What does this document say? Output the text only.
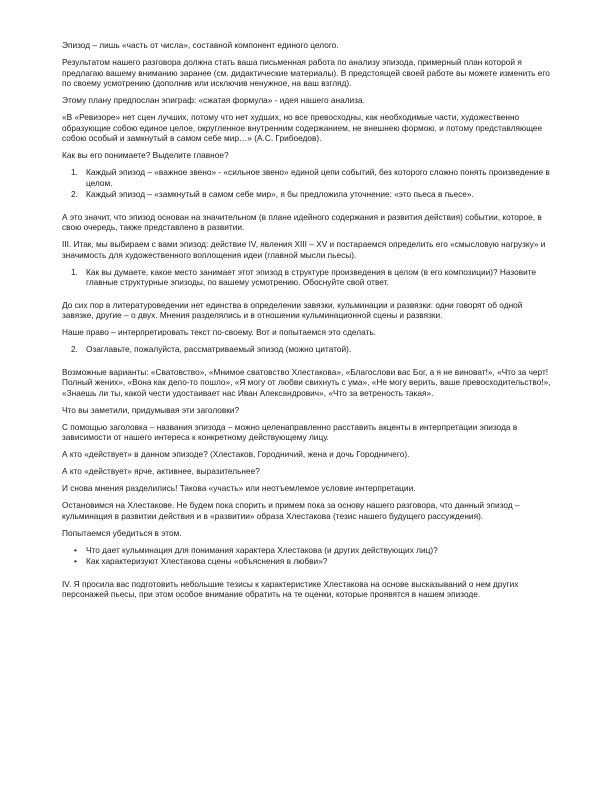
Эпизод – лишь «часть от числа», составной компонент единого целого.

Результатом нашего разговора должна стать ваша письменная работа по анализу эпизода, примерный план которой я предлагаю вашему вниманию заранее (см. дидактические материалы). В предстоящей своей работе вы можете изменить его по своему усмотрению (дополнив или исключив ненужное, на ваш взгляд).

Этому плану предпослан эпиграф: «сжатая формула» - идея нашего анализа.

«В «Ревизоре» нет сцен лучших, потому что нет худших, но все превосходны, как необходимые части, художественно образующие собою единое целое, округленное внутренним содержанием, не внешнею формою, и потому представляющее собою особый и замкнутый в самом себе мир…» (А.С. Грибоедов).

Как вы его понимаете? Выделите главное?

1. Каждый эпизод – «важное звено» - «сильное звено» единой цепи событий, без которого сложно понять произведение в целом.
2. Каждый эпизод – «замкнутый в самом себе мир», я бы предложила уточнение: «это пьеса в пьесе».

А это значит, что эпизод основан на значительном (в плане идейного содержания и развития действия) событии, которое, в свою очередь, также представлено в развитии.

III. Итак, мы выбираем с вами эпизод: действие IV, явления XIII – XV и постараемся определить его «смысловую нагрузку» и значимость для художественного воплощения идеи (главной мысли пьесы).

1. Как вы думаете, какое место занимает этот эпизод в структуре произведения в целом (в его композиции)? Назовите главные структурные эпизоды, по вашему усмотрению. Обоснуйте свой ответ.

До сих пор в литературоведении нет единства в определении завязки, кульминации и развязки: одни говорят об одной завязке, другие – о двух. Мнения разделялись и в отношении кульминационной сцены и развязки.

Наше право – интерпретировать текст по-своему. Вот и попытаемся это сделать.

2. Озаглавьте, пожалуйста, рассматриваемый эпизод (можно цитатой).

Возможные варианты: «Сватовство», «Мнимое сватовство Хлестакова», «Благослови вас Бог, а я не виноват!», «Что за черт! Полный жених», «Вона как дело-то пошло», «Я могу от любви свихнуть с ума», «Не могу верить, ваше превосходительство!», «Знаешь ли ты, какой чести удостаивает нас Иван Александрович», «Что за ветреность такая».

Что вы заметили, придумывая эти заголовки?

С помощью заголовка – названия эпизода – можно целенаправленно расставить акценты в интерпретации эпизода в зависимости от нашего интереса к конкретному действующему лицу.

А кто «действует» в данном эпизоде? (Хлестаков, Городничий, жена и дочь Городничего).

А кто «действует» ярче, активнее, выразительнее?

И снова мнения разделились! Такова «участь» или неотъемлемое условие интерпретации.

Остановимся на Хлестакове. Не будем пока спорить и примем пока за основу нашего разговора, что данный эпизод – кульминация в развитии действия и в «развитии» образа Хлестакова (тезис нашего будущего рассуждения).

Попытаемся убедиться в этом.

• Что дает кульминация для понимания характера Хлестакова (и других действующих лиц)?
• Как характеризуют Хлестакова сцены «объяснения в любви»?

IV. Я просила вас подготовить небольшие тезисы к характеристике Хлестакова на основе высказываний о нем других персонажей пьесы, при этом особое внимание обратить на те оценки, которые проявятся в нашем эпизоде.
